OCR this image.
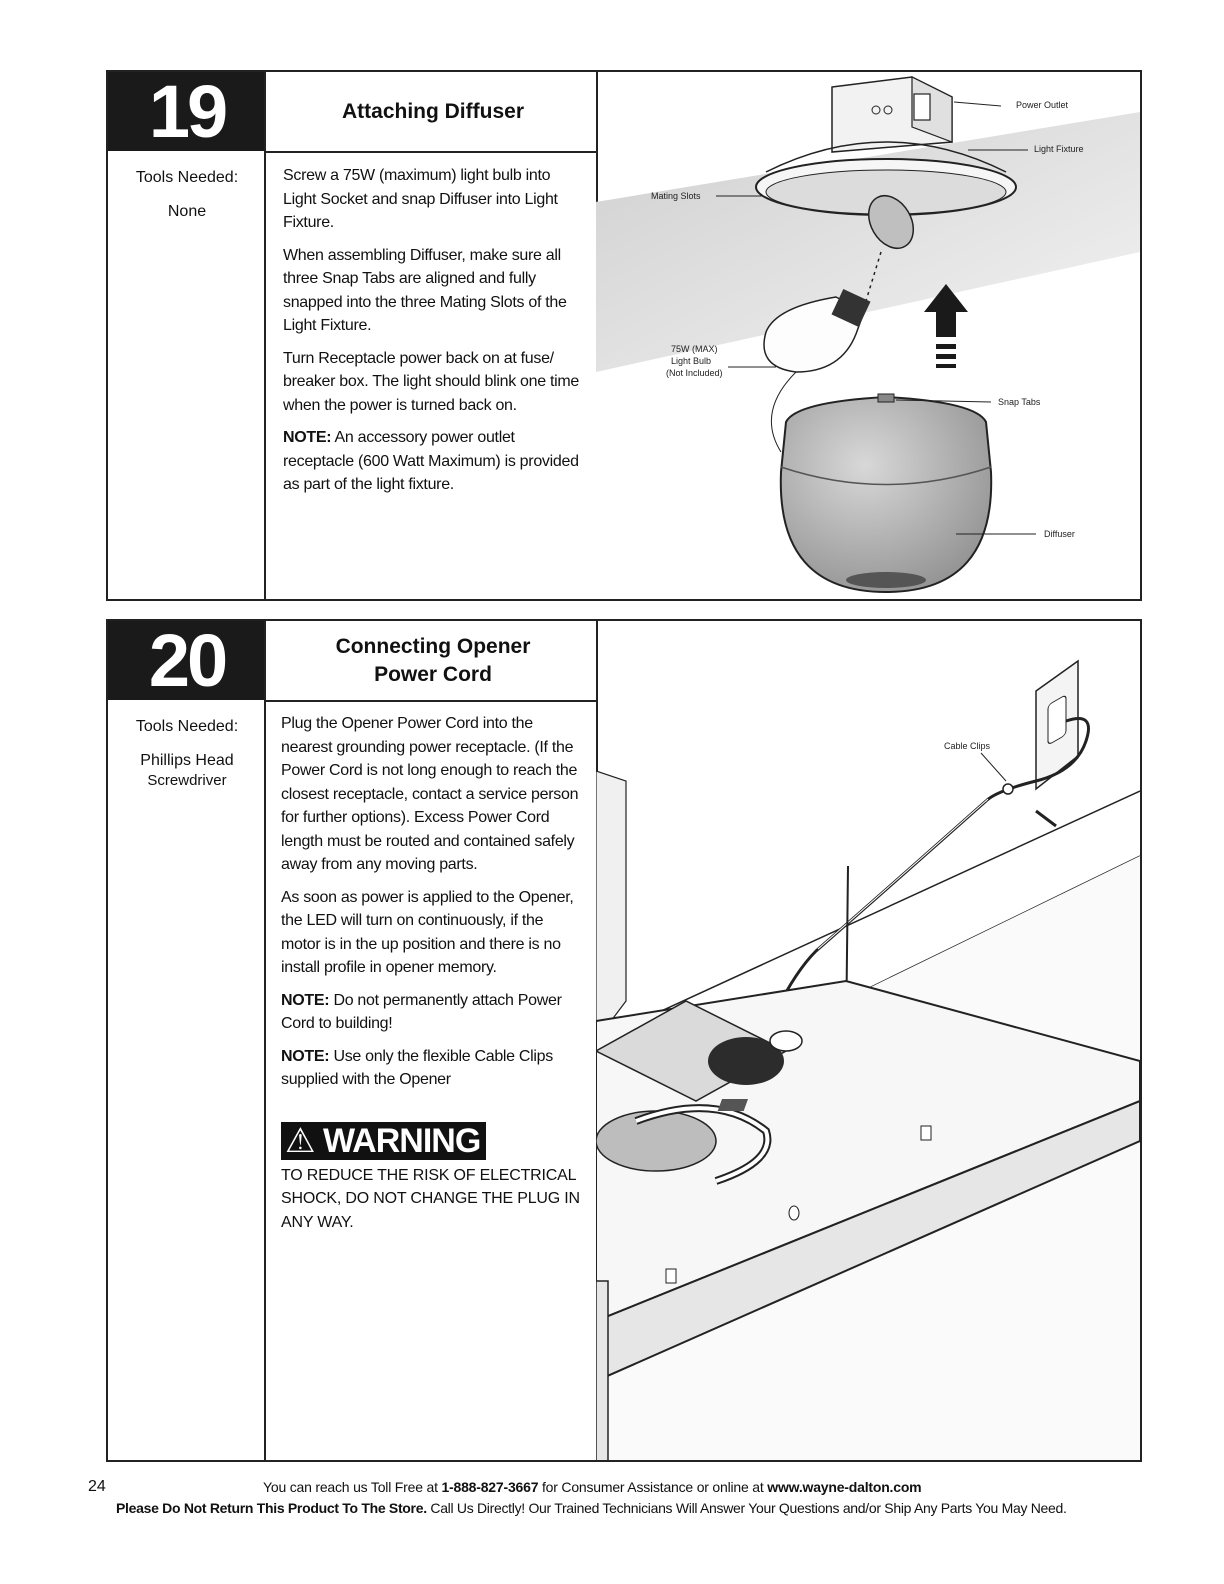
19	Attaching Diffuser
Tools Needed:
None

Screw a 75W (maximum) light bulb into Light Socket and snap Diffuser into Light Fixture.

When assembling Diffuser, make sure all three Snap Tabs are aligned and fully snapped into the three Mating Slots of the Light Fixture.

Turn Receptacle power back on at fuse/ breaker box. The light should blink one time when the power is turned back on.

NOTE: An accessory power outlet receptacle (600 Watt Maximum) is provided as part of the light fixture.

Power Outlet
Light Fixture
Mating Slots
75W (MAX)
Light Bulb
(Not Included)
Snap Tabs
Diffuser
20	Connecting Opener
Power Cord
Tools Needed:
Phillips Head
Screwdriver

Plug the Opener Power Cord into the nearest grounding power receptacle. (If the Power Cord is not long enough to reach the closest receptacle, contact a service person for further options). Excess Power Cord length must be routed and contained safely away from any moving parts.

As soon as power is applied to the Opener, the LED will turn on continuously, if the motor is in the up position and there is no install profile in opener memory.

NOTE: Do not permanently attach Power Cord to building!

NOTE: Use only the flexible Cable Clips supplied with the Opener

⚠ WARNING
TO REDUCE THE RISK OF ELECTRICAL SHOCK, DO NOT CHANGE THE PLUG IN ANY WAY.
Cable Clips
24	You can reach us Toll Free at 1-888-827-3667 for Consumer Assistance or online at www.wayne-dalton.com
Please Do Not Return This Product To The Store. Call Us Directly! Our Trained Technicians Will Answer Your Questions and/or Ship Any Parts You May Need.
